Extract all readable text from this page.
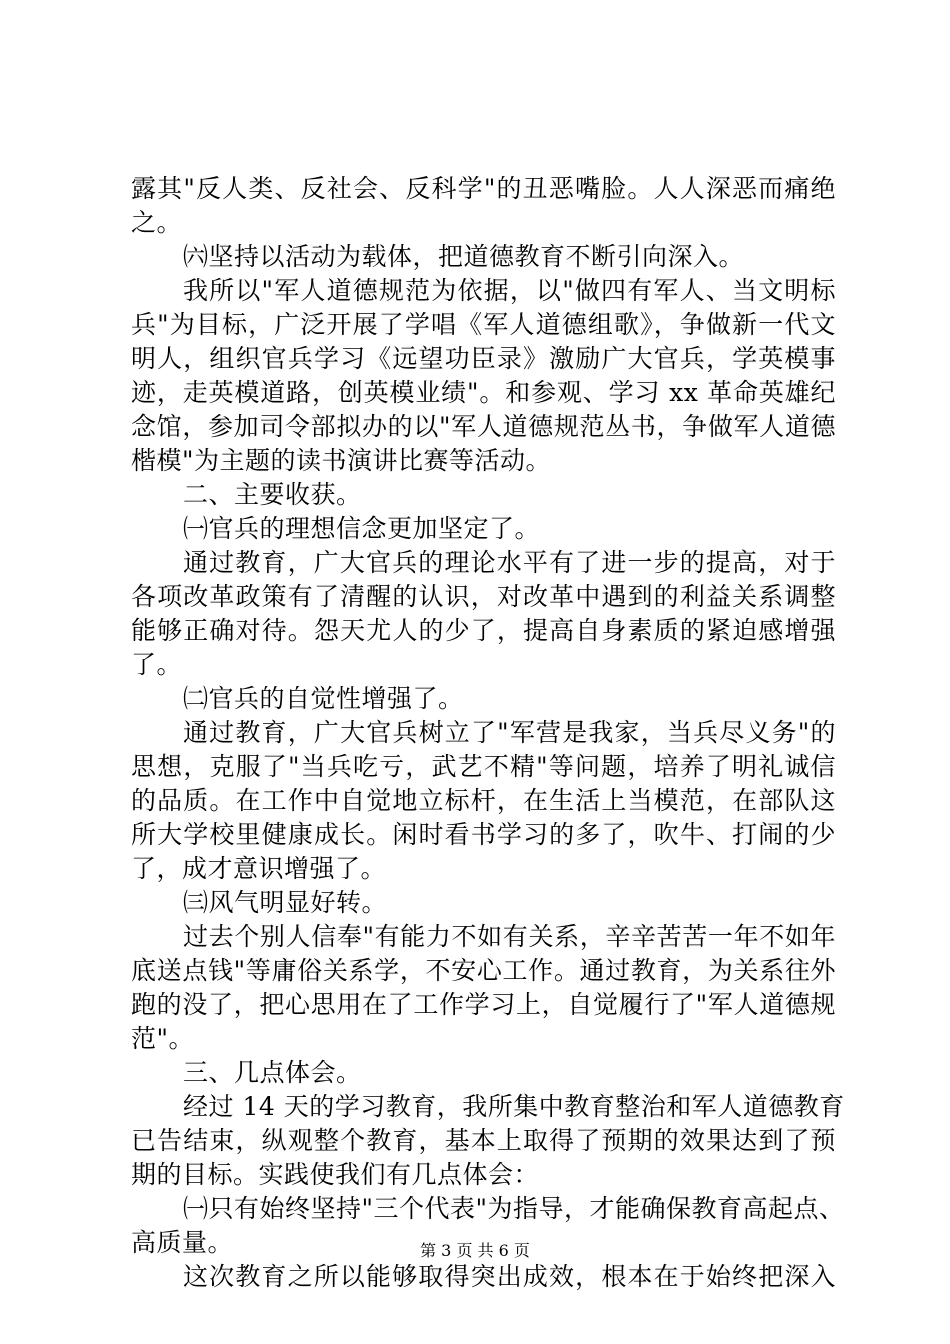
露其"反人类、反社会、反科学"的丑恶嘴脸。人人深恶而痛绝
之。
㈥坚持以活动为载体，把道德教育不断引向深入。
我所以"军人道德规范为依据，以"做四有军人、当文明标
兵"为目标，广泛开展了学唱《军人道德组歌》，争做新一代文
明人，组织官兵学习《远望功臣录》激励广大官兵，学英模事
迹，走英模道路，创英模业绩"。和参观、学习 xx 革命英雄纪
念馆，参加司令部拟办的以"军人道德规范丛书，争做军人道德
楷模"为主题的读书演讲比赛等活动。
二、主要收获。
㈠官兵的理想信念更加坚定了。
通过教育，广大官兵的理论水平有了进一步的提高，对于
各项改革政策有了清醒的认识，对改革中遇到的利益关系调整
能够正确对待。怨天尤人的少了，提高自身素质的紧迫感增强
了。
㈡官兵的自觉性增强了。
通过教育，广大官兵树立了"军营是我家，当兵尽义务"的
思想，克服了"当兵吃亏，武艺不精"等问题，培养了明礼诚信
的品质。在工作中自觉地立标杆，在生活上当模范，在部队这
所大学校里健康成长。闲时看书学习的多了，吹牛、打闹的少
了，成才意识增强了。
㈢风气明显好转。
过去个别人信奉"有能力不如有关系，辛辛苦苦一年不如年
底送点钱"等庸俗关系学，不安心工作。通过教育，为关系往外
跑的没了，把心思用在了工作学习上，自觉履行了"军人道德规
范"。
三、几点体会。
经过 14 天的学习教育，我所集中教育整治和军人道德教育
已告结束，纵观整个教育，基本上取得了预期的效果达到了预
期的目标。实践使我们有几点体会：
㈠只有始终坚持"三个代表"为指导，才能确保教育高起点、
高质量。
这次教育之所以能够取得突出成效，根本在于始终把深入
第 3 页 共 6 页
